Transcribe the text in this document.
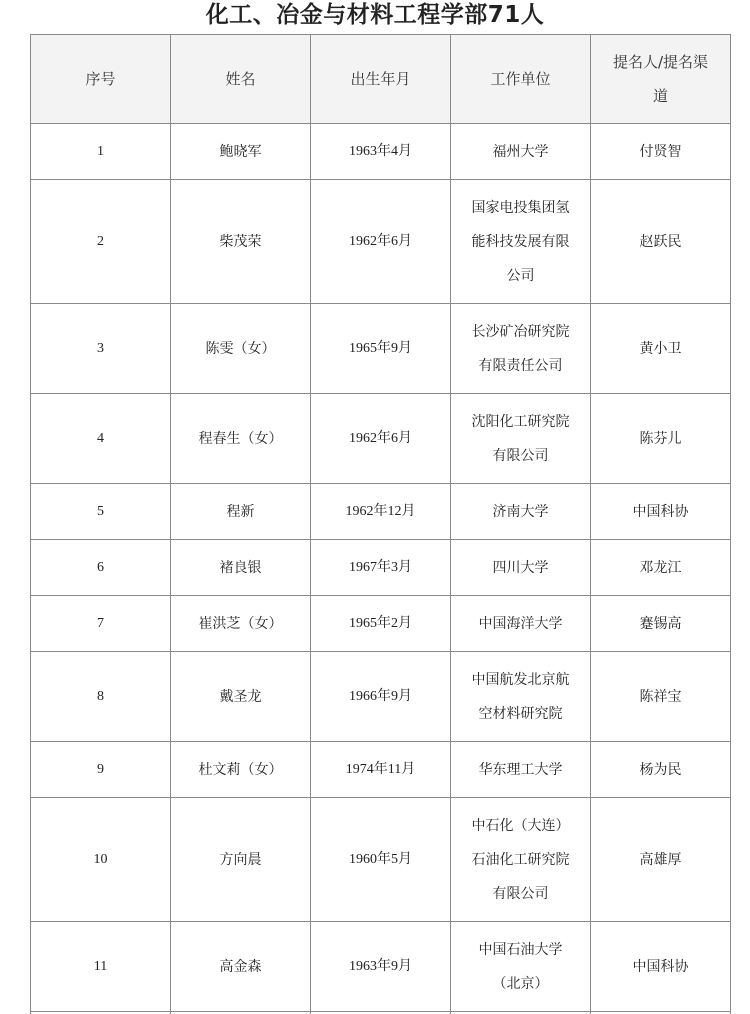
化工、冶金与材料工程学部71人
序号	姓名	出生年月	工作单位	提名人/提名渠
道

1	鲍晓军	1963年4月	福州大学	付贤智
2	柴茂荣	1962年6月	国家电投集团氢
能科技发展有限
公司	赵跃民
3	陈雯（女）	1965年9月	长沙矿冶研究院
有限责任公司	黄小卫
4	程春生（女）	1962年6月	沈阳化工研究院
有限公司	陈芬儿
5	程新	1962年12月	济南大学	中国科协
6	褚良银	1967年3月	四川大学	邓龙江
7	崔洪芝（女）	1965年2月	中国海洋大学	蹇锡高
8	戴圣龙	1966年9月	中国航发北京航
空材料研究院	陈祥宝
9	杜文莉（女）	1974年11月	华东理工大学	杨为民
10	方向晨	1960年5月	中石化（大连）
石油化工研究院
有限公司	高雄厚
11	高金森	1963年9月	中国石油大学
（北京）	中国科协
